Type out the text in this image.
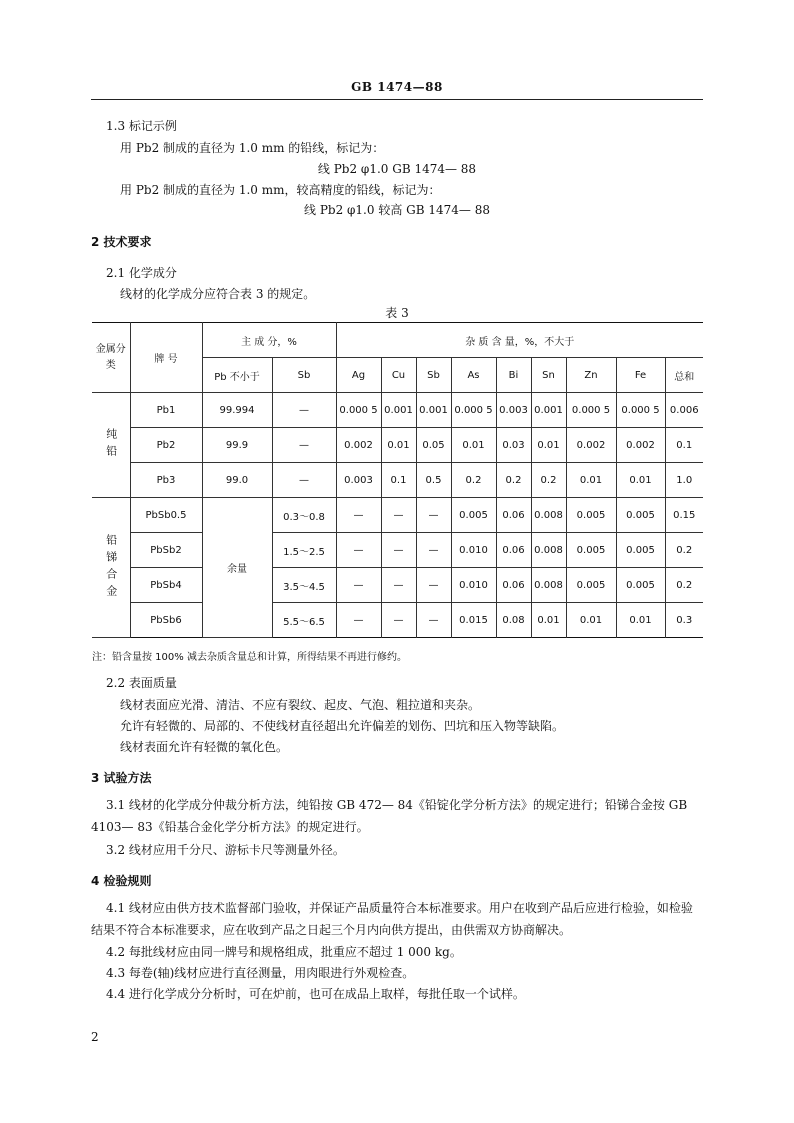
GB 1474—88
1.3 标记示例
用 Pb2 制成的直径为 1.0 mm 的铅线，标记为：
线 Pb2 φ1.0 GB 1474— 88
用 Pb2 制成的直径为 1.0 mm，较高精度的铅线，标记为：
线 Pb2 φ1.0 较高 GB 1474— 88
2 技术要求
2.1 化学成分
线材的化学成分应符合表 3 的规定。
表 3
金属分类	牌 号	主 成 分，%		杂 质 含 量，%，不大于								
		Pb 不小于	Sb	Ag	Cu	Sb	As	Bi	Sn	Zn	Fe	总和
纯铅	Pb1	99.994	—	0.000 5	0.001	0.001	0.000 5	0.003	0.001	0.000 5	0.000 5	0.006
	Pb2	99.9	—	0.002	0.01	0.05	0.01	0.03	0.01	0.002	0.002	0.1
	Pb3	99.0	—	0.003	0.1	0.5	0.2	0.2	0.2	0.01	0.01	1.0
铅锑合金	PbSb0.5	余量	0.3～0.8	—	—	—	0.005	0.06	0.008	0.005	0.005	0.15
	PbSb2		1.5～2.5	—	—	—	0.010	0.06	0.008	0.005	0.005	0.2
	PbSb4		3.5～4.5	—	—	—	0.010	0.06	0.008	0.005	0.005	0.2
	PbSb6		5.5～6.5	—	—	—	0.015	0.08	0.01	0.01	0.01	0.3
注：铅含量按 100% 减去杂质含量总和计算，所得结果不再进行修约。
2.2 表面质量
线材表面应光滑、清洁、不应有裂纹、起皮、气泡、粗拉道和夹杂。
允许有轻微的、局部的、不使线材直径超出允许偏差的划伤、凹坑和压入物等缺陷。
线材表面允许有轻微的氧化色。
3 试验方法
3.1 线材的化学成分仲裁分析方法，纯铅按 GB 472— 84《铅锭化学分析方法》的规定进行；铅锑合金按 GB 4103— 83《铅基合金化学分析方法》的规定进行。
3.2 线材应用千分尺、游标卡尺等测量外径。
4 检验规则
4.1 线材应由供方技术监督部门验收，并保证产品质量符合本标准要求。用户在收到产品后应进行检验，如检验结果不符合本标准要求，应在收到产品之日起三个月内向供方提出，由供需双方协商解决。
4.2 每批线材应由同一牌号和规格组成，批重应不超过 1 000 kg。
4.3 每卷(轴)线材应进行直径测量，用肉眼进行外观检查。
4.4 进行化学成分分析时，可在炉前，也可在成品上取样，每批任取一个试样。
2
